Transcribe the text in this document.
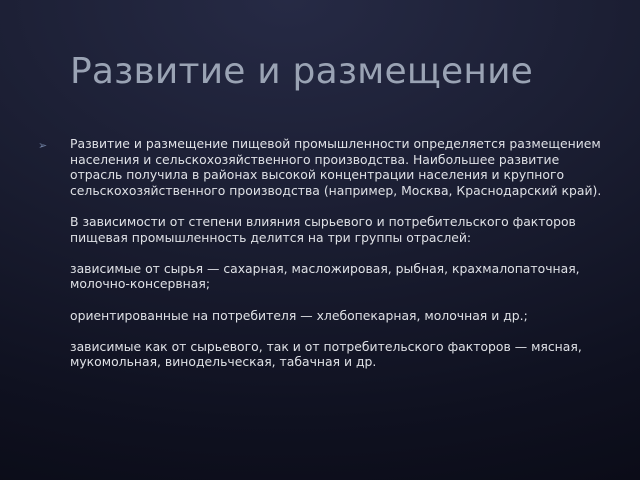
Развитие и размещение
➢ Развитие и размещение пищевой промышленности определяется размещением населения и сельскохозяйственного производства. Наибольшее развитие отрасль получила в районах высокой концентрации населения и крупного сельскохозяйственного производства (например, Москва, Краснодарский край).

В зависимости от степени влияния сырьевого и потребительского факторов пищевая промышленность делится на три группы отраслей:

зависимые от сырья — сахарная, масложировая, рыбная, крахмалопаточная, молочно-консервная;

ориентированные на потребителя — хлебопекарная, молочная и др.;

зависимые как от сырьевого, так и от потребительского факторов — мясная, мукомольная, винодельческая, табачная и др.
